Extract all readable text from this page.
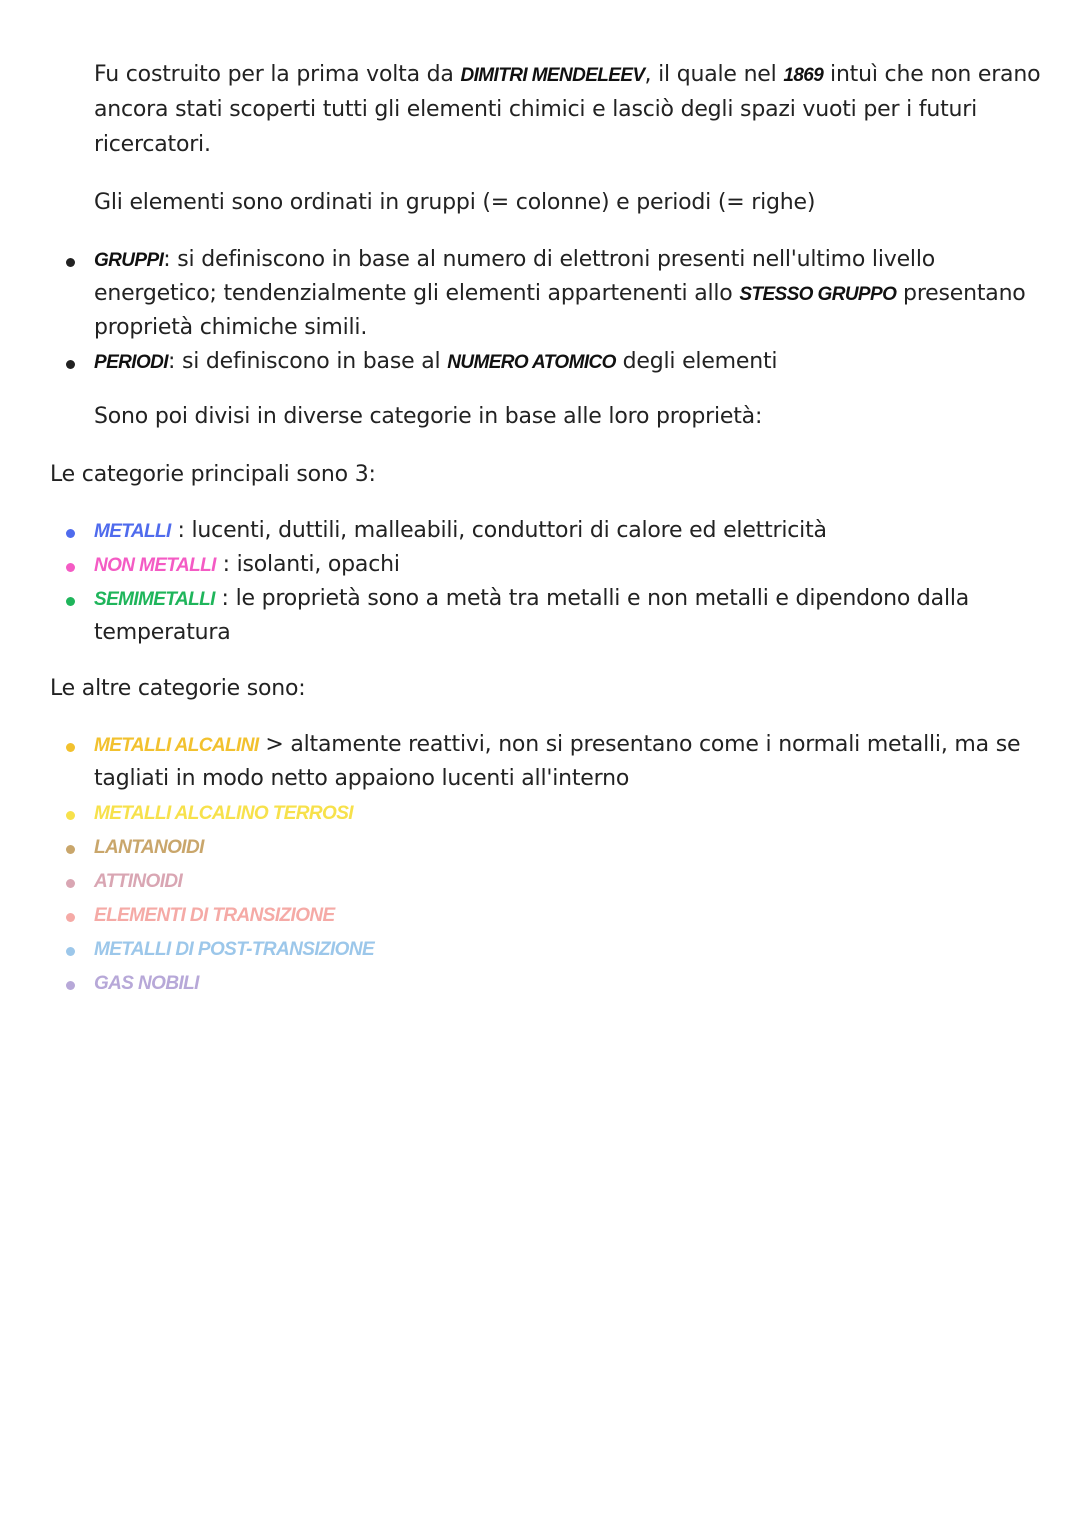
Fu costruito per la prima volta da DIMITRI MENDELEEV, il quale nel 1869 intuì che non erano
ancora stati scoperti tutti gli elementi chimici e lasciò degli spazi vuoti per i futuri
ricercatori.
Gli elementi sono ordinati in gruppi (= colonne) e periodi (= righe)
GRUPPI: si definiscono in base al numero di elettroni presenti nell'ultimo livello
energetico; tendenzialmente gli elementi appartenenti allo STESSO GRUPPO presentano
proprietà chimiche simili.
PERIODI: si definiscono in base al NUMERO ATOMICO degli elementi
Sono poi divisi in diverse categorie in base alle loro proprietà:
Le categorie principali sono 3:
METALLI : lucenti, duttili, malleabili, conduttori di calore ed elettricità
NON METALLI : isolanti, opachi
SEMIMETALLI : le proprietà sono a metà tra metalli e non metalli e dipendono dalla
temperatura
Le altre categorie sono:
METALLI ALCALINI > altamente reattivi, non si presentano come i normali metalli, ma se
tagliati in modo netto appaiono lucenti all'interno
METALLI ALCALINO TERROSI
LANTANOIDI
ATTINOIDI
ELEMENTI DI TRANSIZIONE
METALLI DI POST-TRANSIZIONE
GAS NOBILI
